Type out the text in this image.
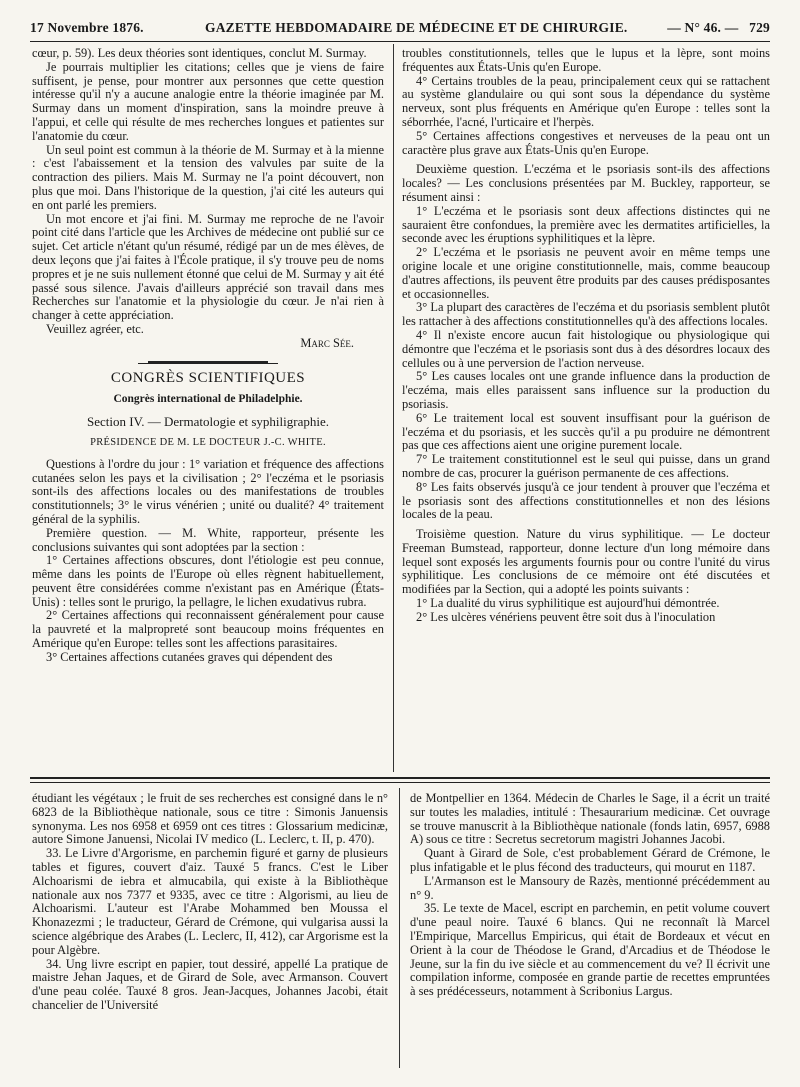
17 Novembre 1876.	GAZETTE HEBDOMADAIRE DE MÉDECINE ET DE CHIRURGIE.	— N° 46. — 729

cœur, p. 59). Les deux théories sont identiques, conclut M. Surmay.

Je pourrais multiplier les citations; celles que je viens de faire suffisent, je pense, pour montrer aux personnes que cette question intéresse qu'il n'y a aucune analogie entre la théorie imaginée par M. Surmay dans un moment d'inspiration, sans la moindre preuve à l'appui, et celle qui résulte de mes recherches longues et patientes sur l'anatomie du cœur.

Un seul point est commun à la théorie de M. Surmay et à la mienne : c'est l'abaissement et la tension des valvules par suite de la contraction des piliers. Mais M. Surmay ne l'a point découvert, non plus que moi. Dans l'historique de la question, j'ai cité les auteurs qui en ont parlé les premiers.

Un mot encore et j'ai fini. M. Surmay me reproche de ne l'avoir point cité dans l'article que les Archives de médecine ont publié sur ce sujet. Cet article n'étant qu'un résumé, rédigé par un de mes élèves, de deux leçons que j'ai faites à l'École pratique, il s'y trouve peu de noms propres et je ne suis nullement étonné que celui de M. Surmay y ait été passé sous silence. J'avais d'ailleurs apprécié son travail dans mes Recherches sur l'anatomie et la physiologie du cœur. Je n'ai rien à changer à cette appréciation.

Veuillez agréer, etc.

Marc Sée.

CONGRÈS SCIENTIFIQUES
Congrès international de Philadelphie.
Section IV. — Dermatologie et syphiligraphie.
PRÉSIDENCE DE M. LE DOCTEUR J.-C. WHITE.

Questions à l'ordre du jour : 1° variation et fréquence des affections cutanées selon les pays et la civilisation ; 2° l'eczéma et le psoriasis sont-ils des affections locales ou des manifestations de troubles constitutionnels; 3° le virus vénérien ; unité ou dualité? 4° traitement général de la syphilis.

Première question. — M. White, rapporteur, présente les conclusions suivantes qui sont adoptées par la section :

1° Certaines affections obscures, dont l'étiologie est peu connue, même dans les points de l'Europe où elles règnent habituellement, peuvent être considérées comme n'existant pas en Amérique (États-Unis) : telles sont le prurigo, la pellagre, le lichen exudativus rubra.

2° Certaines affections qui reconnaissent généralement pour cause la pauvreté et la malpropreté sont beaucoup moins fréquentes en Amérique qu'en Europe: telles sont les affections parasitaires.

3° Certaines affections cutanées graves qui dépendent des

troubles constitutionnels, telles que le lupus et la lèpre, sont moins fréquentes aux États-Unis qu'en Europe.

4° Certains troubles de la peau, principalement ceux qui se rattachent au système glandulaire ou qui sont sous la dépendance du système nerveux, sont plus fréquents en Amérique qu'en Europe : telles sont la séborrhée, l'acné, l'urticaire et l'herpès.

5° Certaines affections congestives et nerveuses de la peau ont un caractère plus grave aux États-Unis qu'en Europe.

Deuxième question. L'eczéma et le psoriasis sont-ils des affections locales? — Les conclusions présentées par M. Buckley, rapporteur, se résument ainsi :

1° L'eczéma et le psoriasis sont deux affections distinctes qui ne sauraient être confondues, la première avec les dermatites artificielles, la seconde avec les éruptions syphilitiques et la lèpre.

2° L'eczéma et le psoriasis ne peuvent avoir en même temps une origine locale et une origine constitutionnelle, mais, comme beaucoup d'autres affections, ils peuvent être produits par des causes prédisposantes et occasionnelles.

3° La plupart des caractères de l'eczéma et du psoriasis semblent plutôt les rattacher à des affections constitutionnelles qu'à des affections locales.

4° Il n'existe encore aucun fait histologique ou physiologique qui démontre que l'eczéma et le psoriasis sont dus à des désordres locaux des cellules ou à une perversion de l'action nerveuse.

5° Les causes locales ont une grande influence dans la production de l'eczéma, mais elles paraissent sans influence sur la production du psoriasis.

6° Le traitement local est souvent insuffisant pour la guérison de l'eczéma et du psoriasis, et les succès qu'il a pu produire ne démontrent pas que ces affections aient une origine purement locale.

7° Le traitement constitutionnel est le seul qui puisse, dans un grand nombre de cas, procurer la guérison permanente de ces affections.

8° Les faits observés jusqu'à ce jour tendent à prouver que l'eczéma et le psoriasis sont des affections constitutionnelles et non des lésions locales de la peau.

Troisième question. Nature du virus syphilitique. — Le docteur Freeman Bumstead, rapporteur, donne lecture d'un long mémoire dans lequel sont exposés les arguments fournis pour ou contre l'unité du virus syphilitique. Les conclusions de ce mémoire ont été discutées et modifiées par la Section, qui a adopté les points suivants :

1° La dualité du virus syphilitique est aujourd'hui démontrée.

2° Les ulcères vénériens peuvent être soit dus à l'inoculation

étudiant les végétaux ; le fruit de ses recherches est consigné dans le n° 6823 de la Bibliothèque nationale, sous ce titre : Simonis Januensis synonyma. Les nos 6958 et 6959 ont ces titres : Glossarium medicinæ, autore Simone Januensi, Nicolai IV medico (L. Leclerc, t. II, p. 470).

33. Le Livre d'Argorisme, en parchemin figuré et garny de plusieurs tables et figures, couvert d'aiz. Tauxé 5 francs. C'est le Liber Alchoarismi de iebra et almucabila, qui existe à la Bibliothèque nationale aux nos 7377 et 9335, avec ce titre : Algorismi, au lieu de Alchoarismi. L'auteur est l'Arabe Mohammed ben Moussa el Khonazezmi ; le traducteur, Gérard de Crémone, qui vulgarisa aussi la science algébrique des Arabes (L. Leclerc, II, 412), car Argorisme est la pour Algèbre.

34. Ung livre escript en papier, tout dessiré, appellé La pratique de maistre Jehan Jaques, et de Girard de Sole, avec Armanson. Couvert d'une peau colée. Tauxé 8 gros. Jean-Jacques, Johannes Jacobi, était chancelier de l'Université

de Montpellier en 1364. Médecin de Charles le Sage, il a écrit un traité sur toutes les maladies, intitulé : Thesaurarium medicinæ. Cet ouvrage se trouve manuscrit à la Bibliothèque nationale (fonds latin, 6957, 6988 A) sous ce titre : Secretus secretorum magistri Johannes Jacobi.

Quant à Girard de Sole, c'est probablement Gérard de Crémone, le plus infatigable et le plus fécond des traducteurs, qui mourut en 1187.

L'Armanson est le Mansoury de Razès, mentionné précédemment au n° 9.

35. Le texte de Macel, escript en parchemin, en petit volume couvert d'une peaul noire. Tauxé 6 blancs. Qui ne reconnaît là Marcel l'Empirique, Marcellus Empiricus, qui était de Bordeaux et vécut en Orient à la cour de Théodose le Grand, d'Arcadius et de Théodose le Jeune, sur la fin du ive siècle et au commencement du ve? Il écrivit une compilation informe, composée en grande partie de recettes empruntées à ses prédécesseurs, notamment à Scribonius Largus.
